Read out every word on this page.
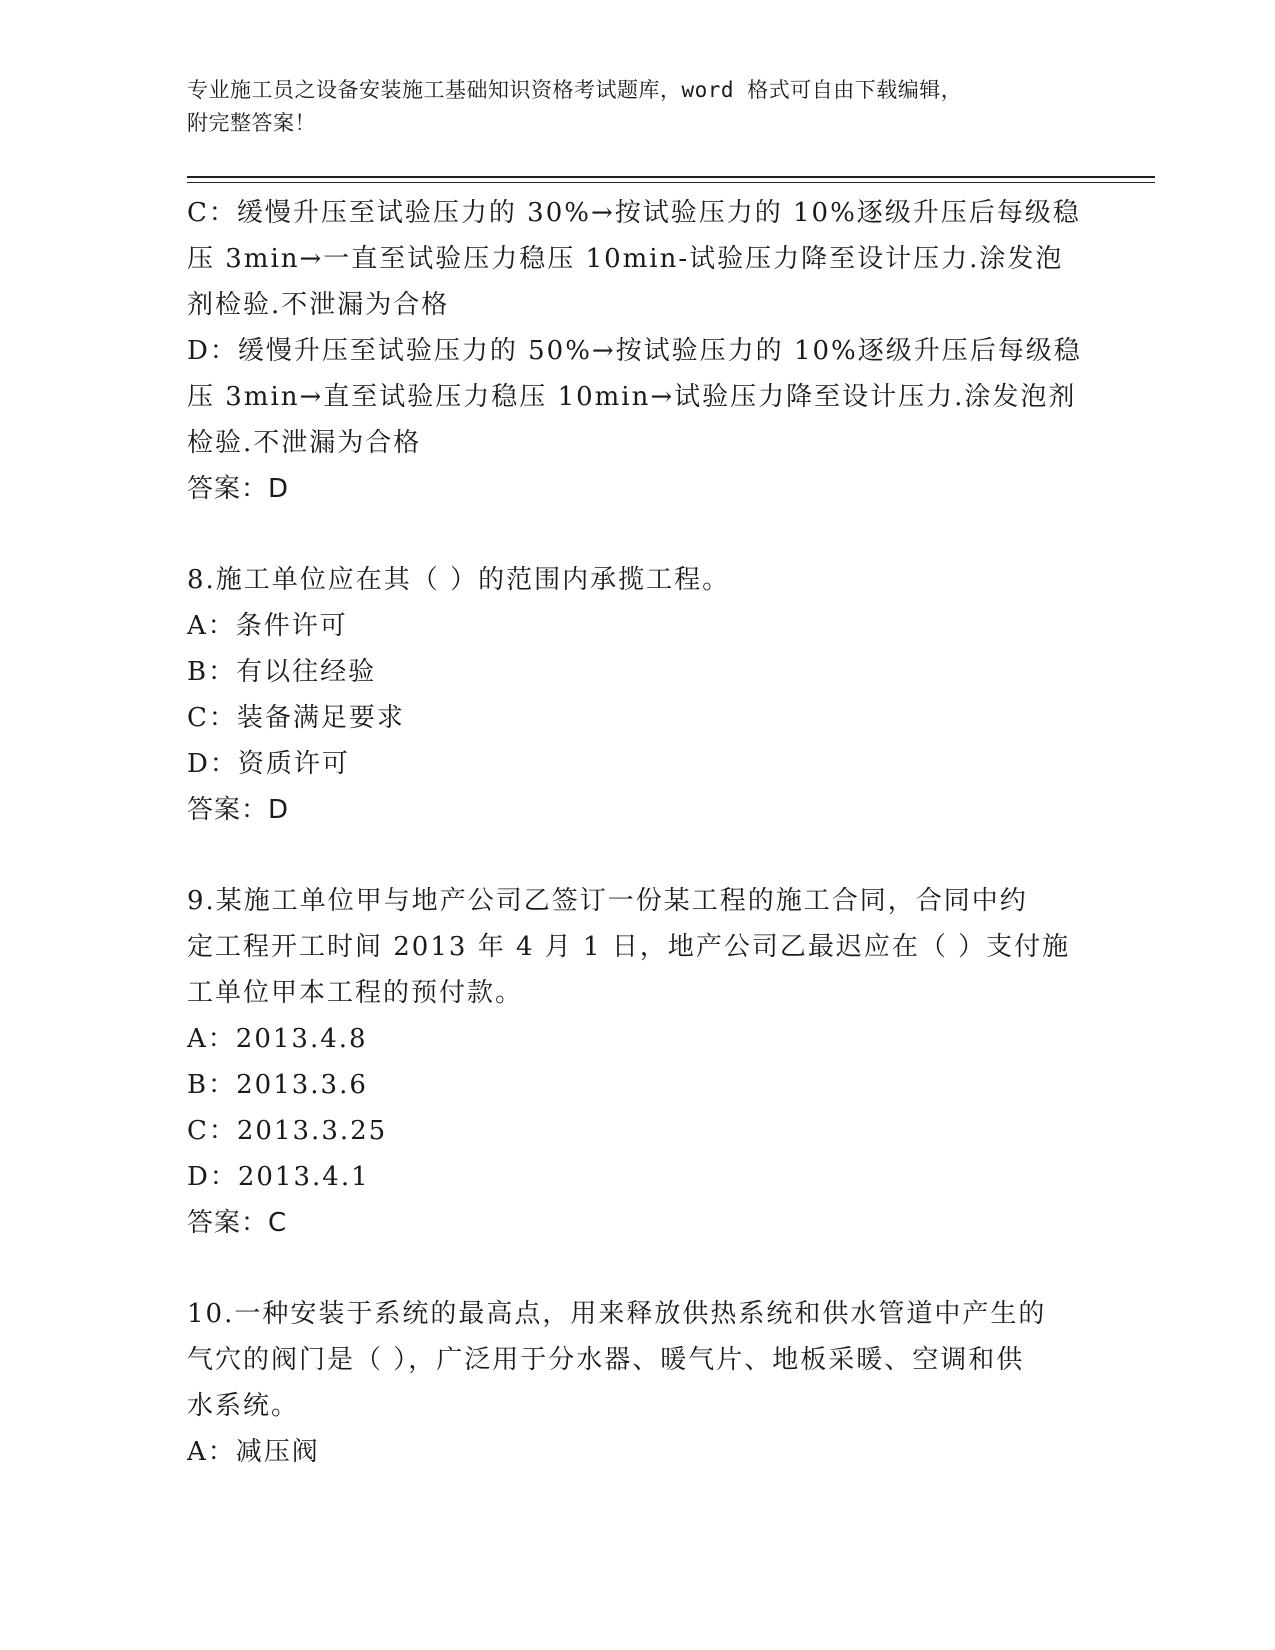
专业施工员之设备安装施工基础知识资格考试题库，word 格式可自由下载编辑，
附完整答案！
C：缓慢升压至试验压力的 30%→按试验压力的 10%逐级升压后每级稳
压 3min→一直至试验压力稳压 10min-试验压力降至设计压力.涂发泡
剂检验.不泄漏为合格
D：缓慢升压至试验压力的 50%→按试验压力的 10%逐级升压后每级稳
压 3min→直至试验压力稳压 10min→试验压力降至设计压力.涂发泡剂
检验.不泄漏为合格
答案：D
8.施工单位应在其（ ）的范围内承揽工程。
A：条件许可
B：有以往经验
C：装备满足要求
D：资质许可
答案：D
9.某施工单位甲与地产公司乙签订一份某工程的施工合同，合同中约
定工程开工时间 2013 年 4 月 1 日，地产公司乙最迟应在（ ）支付施
工单位甲本工程的预付款。
A：2013.4.8
B：2013.3.6
C：2013.3.25
D：2013.4.1
答案：C
10.一种安装于系统的最高点，用来释放供热系统和供水管道中产生的
气穴的阀门是（ ），广泛用于分水器、暖气片、地板采暖、空调和供
水系统。
A：减压阀
